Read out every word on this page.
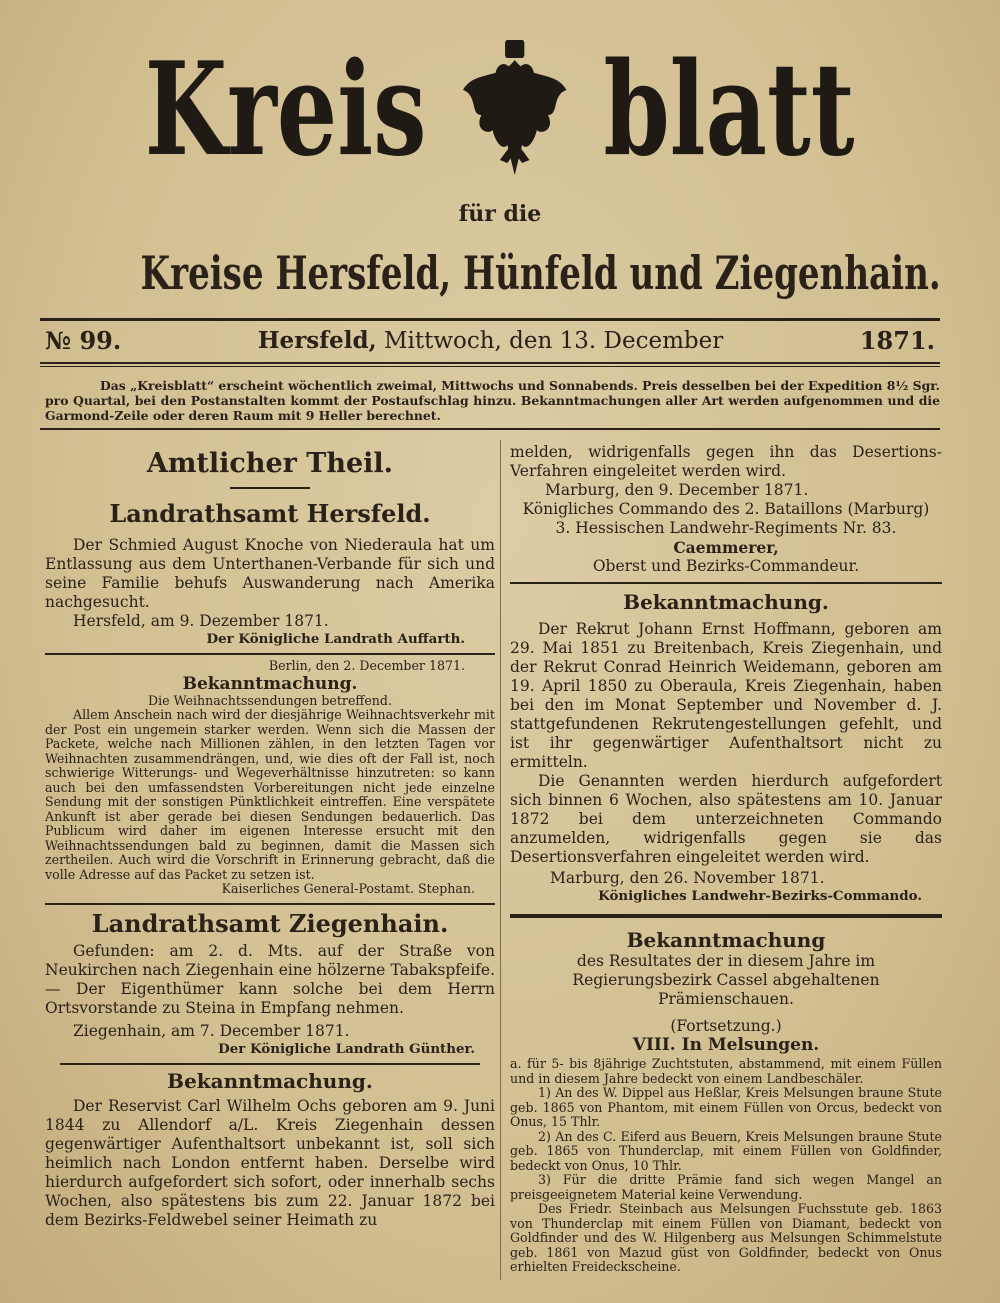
Kreis blatt
für die
Kreise Hersfeld, Hünfeld und Ziegenhain.
№ 99.	Hersfeld, Mittwoch, den 13. December	1871.
Das „Kreisblatt“ erscheint wöchentlich zweimal, Mittwochs und Sonnabends. Preis desselben bei der Expedition 8½ Sgr. pro Quartal, bei den Postanstalten kommt der Postaufschlag hinzu. Bekanntmachungen aller Art werden aufgenommen und die Garmond-Zeile oder deren Raum mit 9 Heller berechnet.
Amtlicher Theil.
Landrathsamt Hersfeld.

Der Schmied August Knoche von Niederaula hat um Entlassung aus dem Unterthanen-Verbande für sich und seine Familie behufs Auswanderung nach Amerika nachgesucht.

Hersfeld, am 9. Dezember 1871.

Der Königliche Landrath Auffarth.

Berlin, den 2. December 1871.

Bekanntmachung.

Die Weihnachtssendungen betreffend.

Allem Anschein nach wird der diesjährige Weihnachtsverkehr mit der Post ein ungemein starker werden. Wenn sich die Massen der Packete, welche nach Millionen zählen, in den letzten Tagen vor Weihnachten zusammendrängen, und, wie dies oft der Fall ist, noch schwierige Witterungs- und Wegeverhältnisse hinzutreten: so kann auch bei den umfassendsten Vorbereitungen nicht jede einzelne Sendung mit der sonstigen Pünktlichkeit eintreffen. Eine verspätete Ankunft ist aber gerade bei diesen Sendungen bedauerlich. Das Publicum wird daher im eigenen Interesse ersucht mit den Weihnachtssendungen bald zu beginnen, damit die Massen sich zertheilen. Auch wird die Vorschrift in Erinnerung gebracht, daß die volle Adresse auf das Packet zu setzen ist.

Kaiserliches General-Postamt. Stephan.

Landrathsamt Ziegenhain.

Gefunden: am 2. d. Mts. auf der Straße von Neukirchen nach Ziegenhain eine hölzerne Tabakspfeife. — Der Eigenthümer kann solche bei dem Herrn Ortsvorstande zu Steina in Empfang nehmen.

Ziegenhain, am 7. December 1871.

Der Königliche Landrath Günther.

Bekanntmachung.

Der Reservist Carl Wilhelm Ochs geboren am 9. Juni 1844 zu Allendorf a/L. Kreis Ziegenhain dessen gegenwärtiger Aufenthaltsort unbekannt ist, soll sich heimlich nach London entfernt haben. Derselbe wird hierdurch aufgefordert sich sofort, oder innerhalb sechs Wochen, also spätestens bis zum 22. Januar 1872 bei dem Bezirks-Feldwebel seiner Heimath zu

melden, widrigenfalls gegen ihn das Desertions-Verfahren eingeleitet werden wird.

Marburg, den 9. December 1871.

Königliches Commando des 2. Bataillons (Marburg)

3. Hessischen Landwehr-Regiments Nr. 83.

Caemmerer,

Oberst und Bezirks-Commandeur.

Bekanntmachung.

Der Rekrut Johann Ernst Hoffmann, geboren am 29. Mai 1851 zu Breitenbach, Kreis Ziegenhain, und der Rekrut Conrad Heinrich Weidemann, geboren am 19. April 1850 zu Oberaula, Kreis Ziegenhain, haben bei den im Monat September und November d. J. stattgefundenen Rekrutengestellungen gefehlt, und ist ihr gegenwärtiger Aufenthaltsort nicht zu ermitteln.

Die Genannten werden hierdurch aufgefordert sich binnen 6 Wochen, also spätestens am 10. Januar 1872 bei dem unterzeichneten Commando anzumelden, widrigenfalls gegen sie das Desertionsverfahren eingeleitet werden wird.

Marburg, den 26. November 1871.

Königliches Landwehr-Bezirks-Commando.

Bekanntmachung

des Resultates der in diesem Jahre im Regierungsbezirk Cassel abgehaltenen Prämienschauen.

(Fortsetzung.)

VIII. In Melsungen.

a. für 5- bis 8jährige Zuchtstuten, abstammend, mit einem Füllen und in diesem Jahre bedeckt von einem Landbeschäler.

1) An des W. Dippel aus Heßlar, Kreis Melsungen braune Stute geb. 1865 von Phantom, mit einem Füllen von Orcus, bedeckt von Onus, 15 Thlr.

2) An des C. Eiferd aus Beuern, Kreis Melsungen braune Stute geb. 1865 von Thunderclap, mit einem Füllen von Goldfinder, bedeckt von Onus, 10 Thlr.

3) Für die dritte Prämie fand sich wegen Mangel an preisgeeignetem Material keine Verwendung.

Des Friedr. Steinbach aus Melsungen Fuchsstute geb. 1863 von Thunderclap mit einem Füllen von Diamant, bedeckt von Goldfinder und des W. Hilgenberg aus Melsungen Schimmelstute geb. 1861 von Mazud güst von Goldfinder, bedeckt von Onus erhielten Freideckscheine.
